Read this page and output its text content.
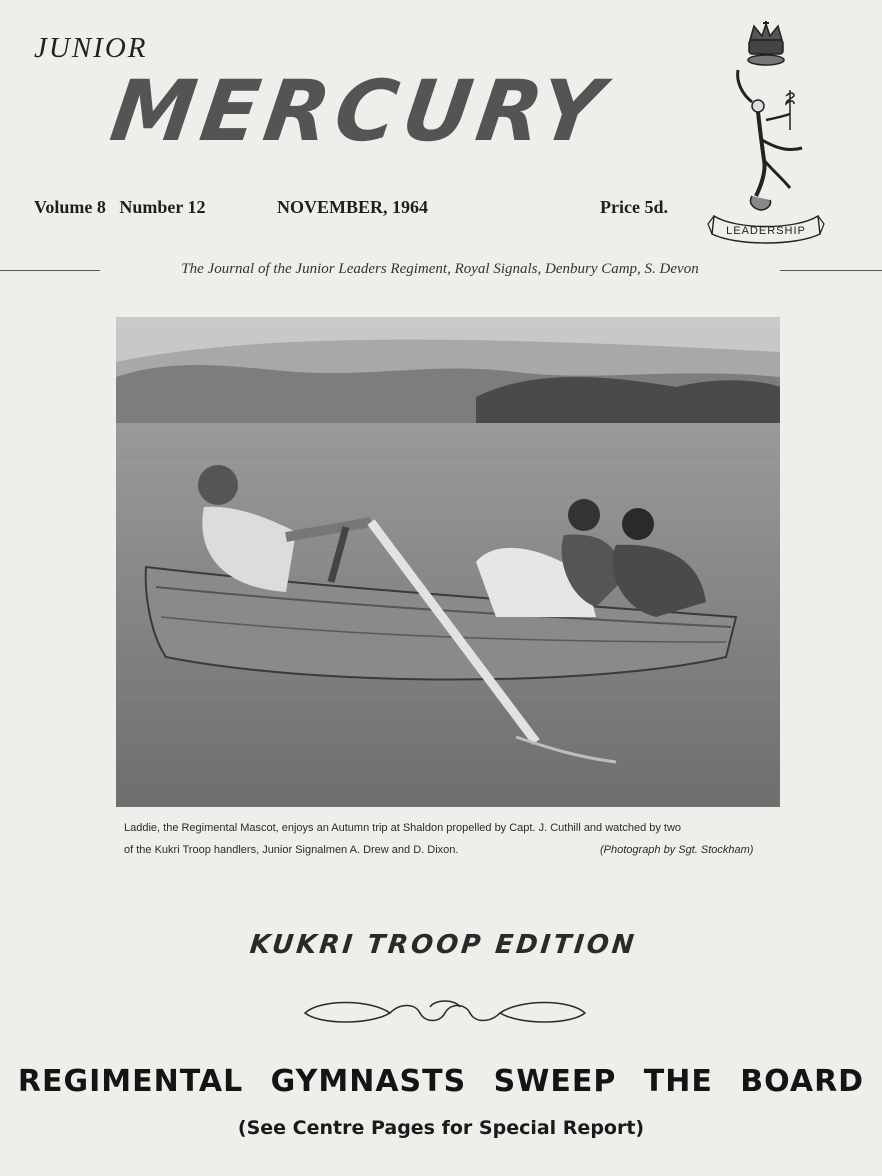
JUNIOR
MERCURY
Volume 8 Number 12	NOVEMBER, 1964	Price 5d.
LEADERSHIP
The Journal of the Junior Leaders Regiment, Royal Signals, Denbury Camp, S. Devon
Laddie, the Regimental Mascot, enjoys an Autumn trip at Shaldon propelled by Capt. J. Cuthill and watched by two
of the Kukri Troop handlers, Junior Signalmen A. Drew and D. Dixon.	(Photograph by Sgt. Stockham)
KUKRI TROOP EDITION
REGIMENTAL GYMNASTS SWEEP THE BOARD
(See Centre Pages for Special Report)
